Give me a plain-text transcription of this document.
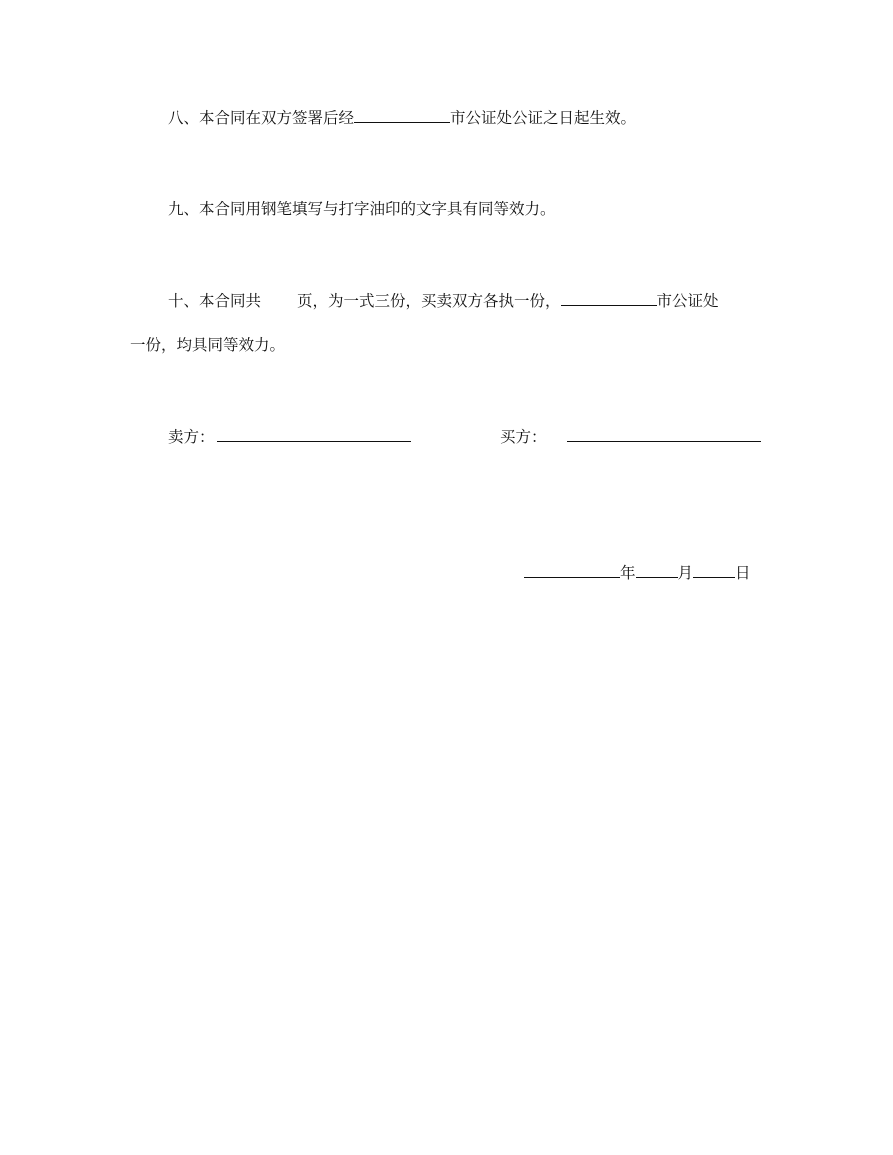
八、本合同在双方签署后经	市公证处公证之日起生效。
九、本合同用钢笔填写与打字油印的文字具有同等效力。
十、本合同共 页，为一式三份，买卖双方各执一份，	市公证处
一份，均具同等效力。
卖方：	买方：
年	月	日
